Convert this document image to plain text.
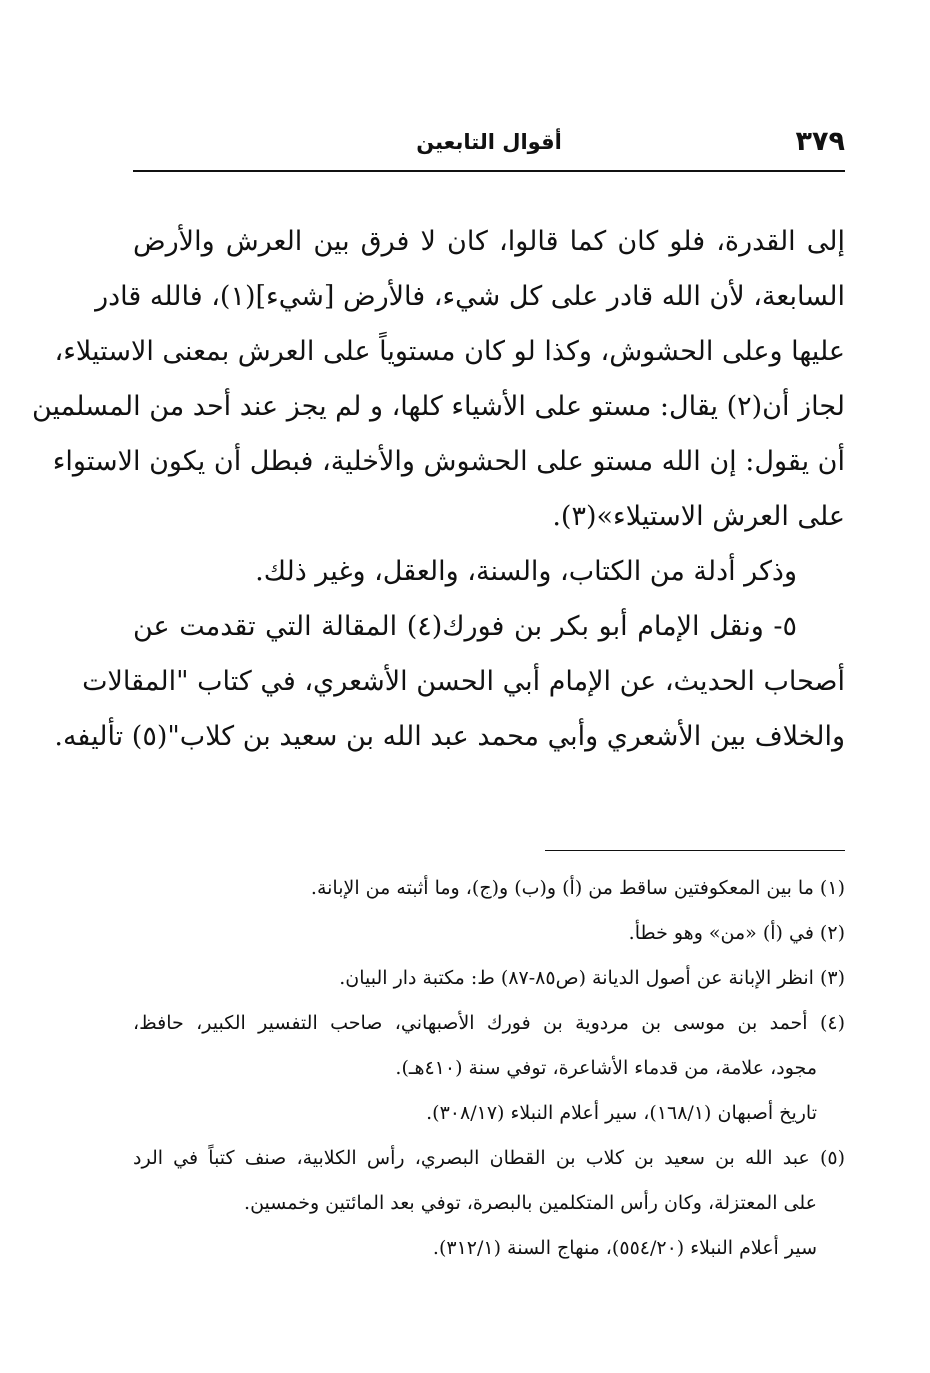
٣٧٩
أقوال التابعين
إلى القدرة، فلو كان كما قالوا، كان لا فرق بين العرش والأرض
السابعة، لأن الله قادر على كل شيء، فالأرض [شيء](١)، فالله قادر
عليها وعلى الحشوش، وكذا لو كان مستوياً على العرش بمعنى الاستيلاء،
لجاز أن(٢) يقال: مستو على الأشياء كلها، و لم يجز عند أحد من المسلمين
أن يقول: إن الله مستو على الحشوش والأخلية، فبطل أن يكون الاستواء
على العرش الاستيلاء»(٣).
وذكر أدلة من الكتاب، والسنة، والعقل، وغير ذلك.
٥- ونقل الإمام أبو بكر بن فورك(٤) المقالة التي تقدمت عن
أصحاب الحديث، عن الإمام أبي الحسن الأشعري، في كتاب "المقالات
والخلاف بين الأشعري وأبي محمد عبد الله بن سعيد بن كلاب"(٥) تأليفه.
(١) ما بين المعكوفتين ساقط من (أ) و(ب) و(ج)، وما أثبته من الإبانة.
(٢) في (أ) «من» وهو خطأ.
(٣) انظر الإبانة عن أصول الديانة (ص٨٥-٨٧) ط: مكتبة دار البيان.
(٤) أحمد بن موسى بن مردوية بن فورك الأصبهاني، صاحب التفسير الكبير، حافظ،
مجود، علامة، من قدماء الأشاعرة، توفي سنة (٤١٠هـ).
تاريخ أصبهان (١٦٨/١)، سير أعلام النبلاء (٣٠٨/١٧).
(٥) عبد الله بن سعيد بن كلاب بن القطان البصري، رأس الكلابية، صنف كتباً في الرد
على المعتزلة، وكان رأس المتكلمين بالبصرة، توفي بعد المائتين وخمسين.
سير أعلام النبلاء (٥٥٤/٢٠)، منهاج السنة (٣١٢/١).
